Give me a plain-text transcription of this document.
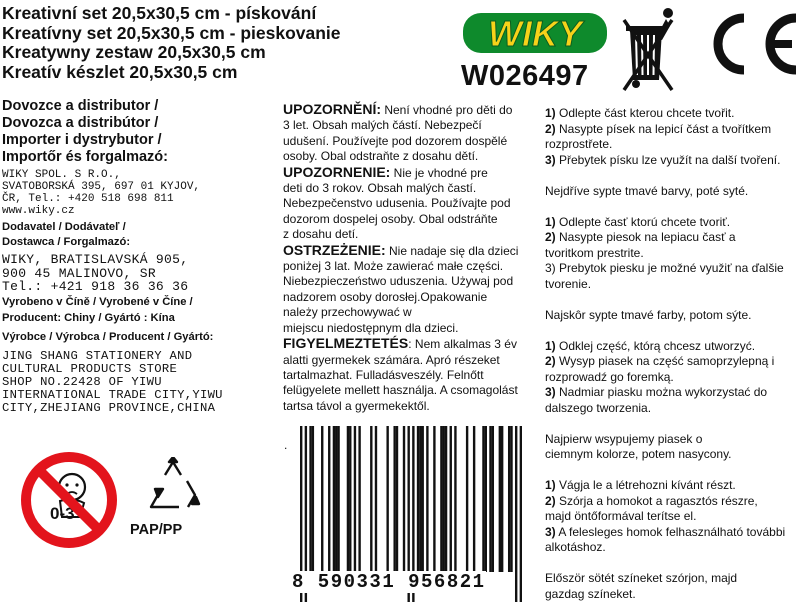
Kreativní set 20,5x30,5 cm - pískování
Kreatívny set 20,5x30,5 cm - pieskovanie
Kreatywny zestaw 20,5x30,5 cm
Kreatív készlet 20,5x30,5 cm
WIKY
W026497
Dovozce a distributor /
Dovozca a distribútor /
Importer i dystrybutor /
Importőr és forgalmazó:
WIKY SPOL. S R.O.,
SVATOBORSKÁ 395, 697 01 KYJOV,
ČR, Tel.: +420 518 698 811
www.wiky.cz
Dodavatel / Dodávateľ /
Dostawca / Forgalmazó:
WIKY, BRATISLAVSKÁ 905,
900 45 MALINOVO, SR
Tel.: +421 918 36 36 36
Vyrobeno v Číně / Vyrobené v Číne /
Producent: Chiny / Gyártó : Kína
Výrobce / Výrobca / Producent / Gyártó:
JING SHANG STATIONERY AND
CULTURAL PRODUCTS STORE
SHOP NO.22428 OF YIWU
INTERNATIONAL TRADE CITY,YIWU
CITY,ZHEJIANG PROVINCE,CHINA
0-3
PAP/PP

UPOZORNĚNÍ: Není vhodné pro děti do
3 let. Obsah malých částí. Nebezpečí
udušení. Používejte pod dozorem dospělé
osoby. Obal odstraňte z dosahu dětí.

UPOZORNENIE: Nie je vhodné pre
deti do 3 rokov. Obsah malých častí.
Nebezpečenstvo udusenia. Používajte pod
dozorom dospelej osoby. Obal odstráňte
z dosahu detí.

OSTRZEŻENIE: Nie nadaje się dla dzieci
poniżej 3 lat. Może zawierać małe części.
Niebezpieczeństwo uduszenia. Używaj pod
nadzorem osoby dorosłej.Opakowanie
należy przechowywać w
miejscu niedostępnym dla dzieci.

FIGYELMEZTETÉS: Nem alkalmas 3 év
alatti gyermekek számára. Apró részeket
tartalmazhat. Fulladásveszély. Felnőtt
felügyelete mellett használja. A csomagolást
tartsa távol a gyermekektől.

.
8 590331 956821

1) Odlepte část kterou chcete tvořit.

2) Nasypte písek na lepicí část a tvořítkem
rozprostřete.

3) Přebytek písku lze využít na další tvoření.

Nejdříve sypte tmavé barvy, poté syté.

1) Odlepte časť ktorú chcete tvoriť.

2) Nasypte piesok na lepiacu časť a
tvoritkom prestrite.

3) Prebytok piesku je možné využiť na ďalšie
tvorenie.

Najskôr sypte tmavé farby, potom sýte.

1) Odklej część, którą chcesz utworzyć.

2) Wysyp piasek na część samoprzylepną i
rozprowadź go foremką.

3) Nadmiar piasku można wykorzystać do
dalszego tworzenia.

Najpierw wsypujemy piasek o ciemnym kolorze, potem nasycony.

1) Vágja le a létrehozni kívánt részt.

2) Szórja a homokot a ragasztós részre,
majd öntőformával terítse el.

3) A felesleges homok felhasználható további
alkotáshoz.

Először sötét színeket szórjon, majd gazdag színeket.
